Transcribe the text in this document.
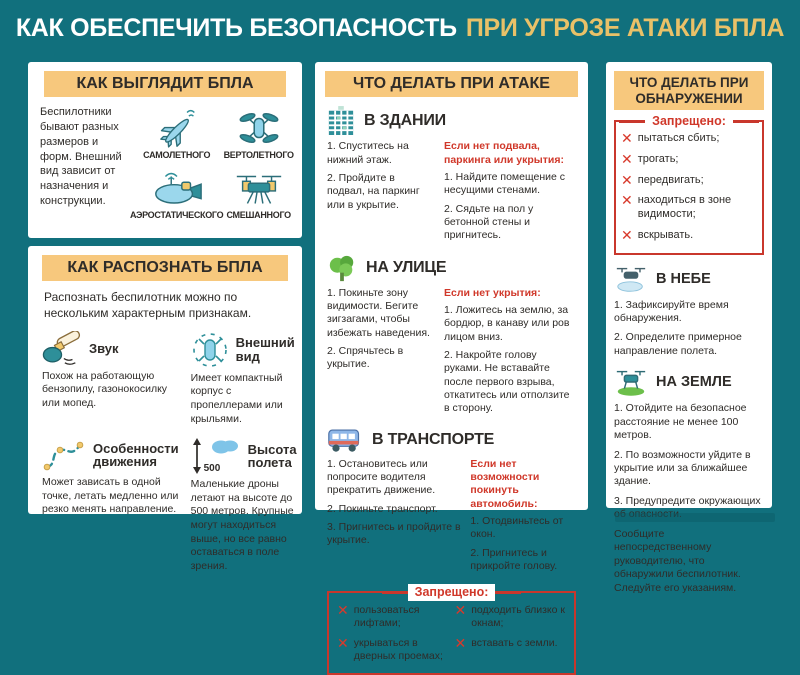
КАК ОБЕСПЕЧИТЬ БЕЗОПАСНОСТЬ ПРИ УГРОЗЕ АТАКИ БПЛА
КАК ВЫГЛЯДИТ БПЛА
Беспилотники бывают разных размеров и форм. Внешний вид зависит от назначения и конструкции.
САМОЛЕТНОГО	ВЕРТОЛЕТНОГО
АЭРОСТАТИЧЕСКОГО СМЕШАННОГО
КАК РАСПОЗНАТЬ БПЛА
Распознать беспилотник можно по нескольким характерным признакам.
Звук
Похож на работающую бензопилу, газонокосилку или мопед.
Внешний вид
Имеет компактный корпус с пропеллерами или крыльями.
Особенности движения
Может зависать в одной точке, летать медленно или резко менять направление.
500
Высота полета
Маленькие дроны летают на высоте до 500 метров. Крупные могут находиться выше, но все равно оставаться в поле зрения.
ЧТО ДЕЛАТЬ ПРИ АТАКЕ
В ЗДАНИИ

1. Спуститесь на нижний этаж.

2. Пройдите в подвал, на паркинг или в укрытие.

Если нет подвала, паркинга или укрытия:

1. Найдите помещение с несущими стенами.

2. Сядьте на пол у бетонной стены и пригнитесь.

НА УЛИЦЕ

1. Покиньте зону видимости. Бегите зигзагами, чтобы избежать наведения.

2. Спрячьтесь в укрытие.

Если нет укрытия:

1. Ложитесь на землю, за бордюр, в канаву или ров лицом вниз.

2. Накройте голову руками. Не вставайте после первого взрыва, откатитесь или отползите в сторону.

В ТРАНСПОРТЕ

1. Остановитесь или попросите водителя прекратить движение.

2. Покиньте транспорт.

3. Пригнитесь и пройдите в укрытие.

Если нет возможности покинуть автомобиль:

1. Отодвиньтесь от окон.

2. Пригнитесь и прикройте голову.

Запрещено:
✕ пользоваться лифтами;
✕ укрываться в дверных проемах;
✕ подходить близко к окнам;
✕ вставать с земли.
ЧТО ДЕЛАТЬ ПРИ ОБНАРУЖЕНИИ
Запрещено:
✕ пытаться сбить;
✕ трогать;
✕ передвигать;
✕ находиться в зоне видимости;
✕ вскрывать.
В НЕБЕ

1. Зафиксируйте время обнаружения.

2. Определите примерное направление полета.

НА ЗЕМЛЕ

1. Отойдите на безопасное расстояние не менее 100 метров.

2. По возможности уйдите в укрытие или за ближайшее здание.

3. Предупредите окружающих об опасности.

Сообщите непосредственному руководителю, что обнаружили беспилотник. Следуйте его указаниям.
